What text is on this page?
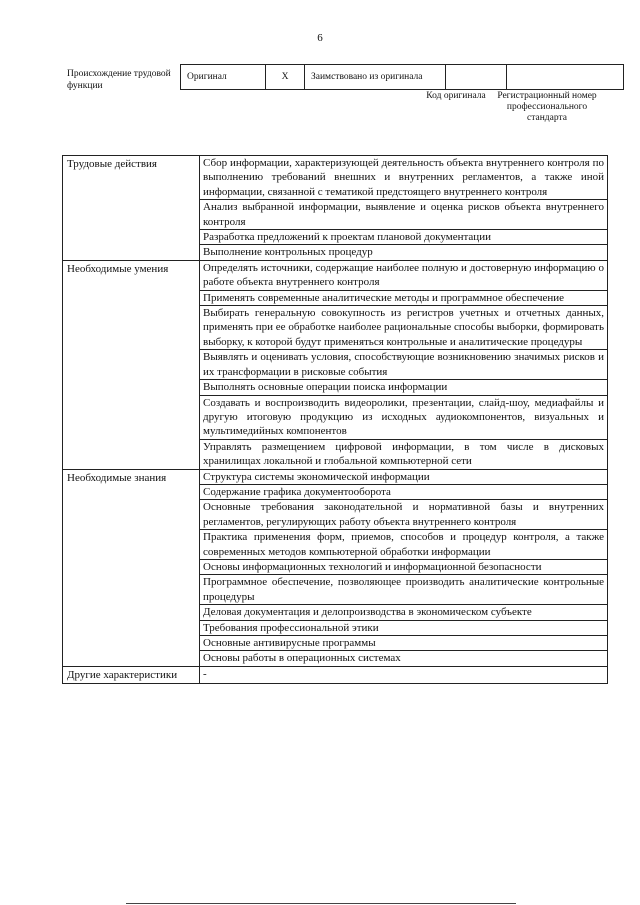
6
Происхождение трудовой функции
Оригинал	X	Заимствовано из оригинала		
Код оригинала	Регистрационный номер профессионального стандарта
Трудовые действия	Сбор информации, характеризующей деятельность объекта внутреннего контроля по выполнению требований внешних и внутренних регламентов, а также иной информации, связанной с тематикой предстоящего внутреннего контроля
	Анализ выбранной информации, выявление и оценка рисков объекта внутреннего контроля
	Разработка предложений к проектам плановой документации
	Выполнение контрольных процедур
Необходимые умения	Определять источники, содержащие наиболее полную и достоверную информацию о работе объекта внутреннего контроля
	Применять современные аналитические методы и программное обеспечение
	Выбирать генеральную совокупность из регистров учетных и отчетных данных, применять при ее обработке наиболее рациональные способы выборки, формировать выборку, к которой будут применяться контрольные и аналитические процедуры
	Выявлять и оценивать условия, способствующие возникновению значимых рисков и их трансформации в рисковые события
	Выполнять основные операции поиска информации
	Создавать и воспроизводить видеоролики, презентации, слайд-шоу, медиафайлы и другую итоговую продукцию из исходных аудиокомпонентов, визуальных и мультимедийных компонентов
	Управлять размещением цифровой информации, в том числе в дисковых хранилищах локальной и глобальной компьютерной сети
Необходимые знания	Структура системы экономической информации
	Содержание графика документооборота
	Основные требования законодательной и нормативной базы и внутренних регламентов, регулирующих работу объекта внутреннего контроля
	Практика применения форм, приемов, способов и процедур контроля, а также современных методов компьютерной обработки информации
	Основы информационных технологий и информационной безопасности
	Программное обеспечение, позволяющее производить аналитические контрольные процедуры
	Деловая документация и делопроизводства в экономическом субъекте
	Требования профессиональной этики
	Основные антивирусные программы
	Основы работы в операционных системах
Другие характеристики	-
